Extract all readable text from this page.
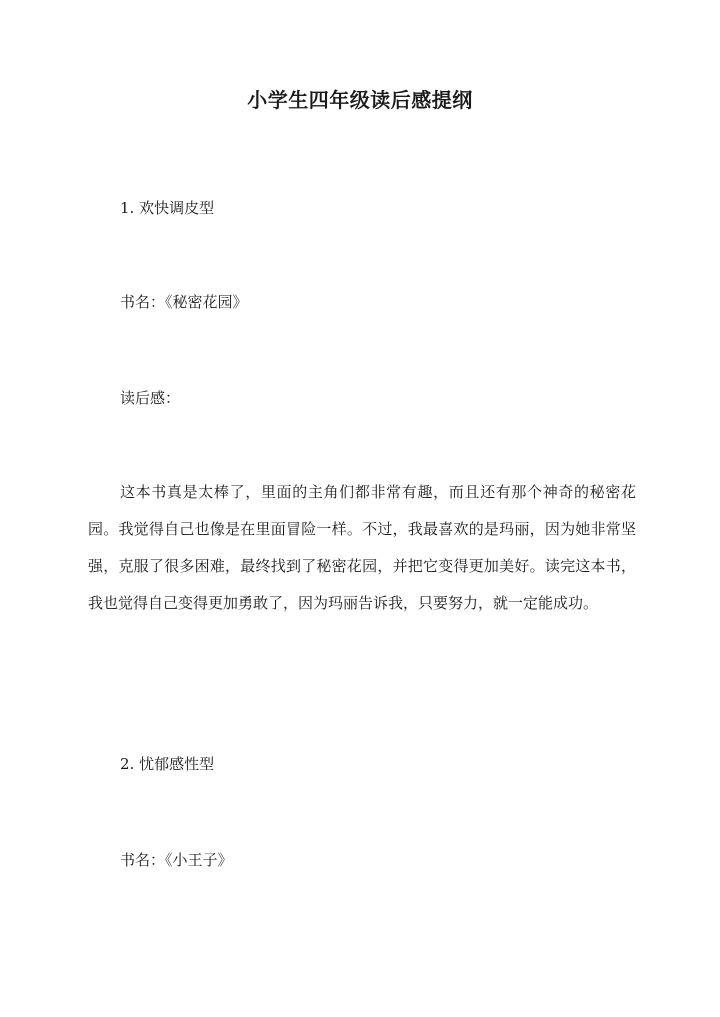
小学生四年级读后感提纲
1. 欢快调皮型
书名：《秘密花园》
读后感：

这本书真是太棒了，里面的主角们都非常有趣，而且还有那个神奇的秘密花园。我觉得自己也像是在里面冒险一样。不过，我最喜欢的是玛丽，因为她非常坚强，克服了很多困难，最终找到了秘密花园，并把它变得更加美好。读完这本书，我也觉得自己变得更加勇敢了，因为玛丽告诉我，只要努力，就一定能成功。

2. 忧郁感性型
书名：《小王子》
